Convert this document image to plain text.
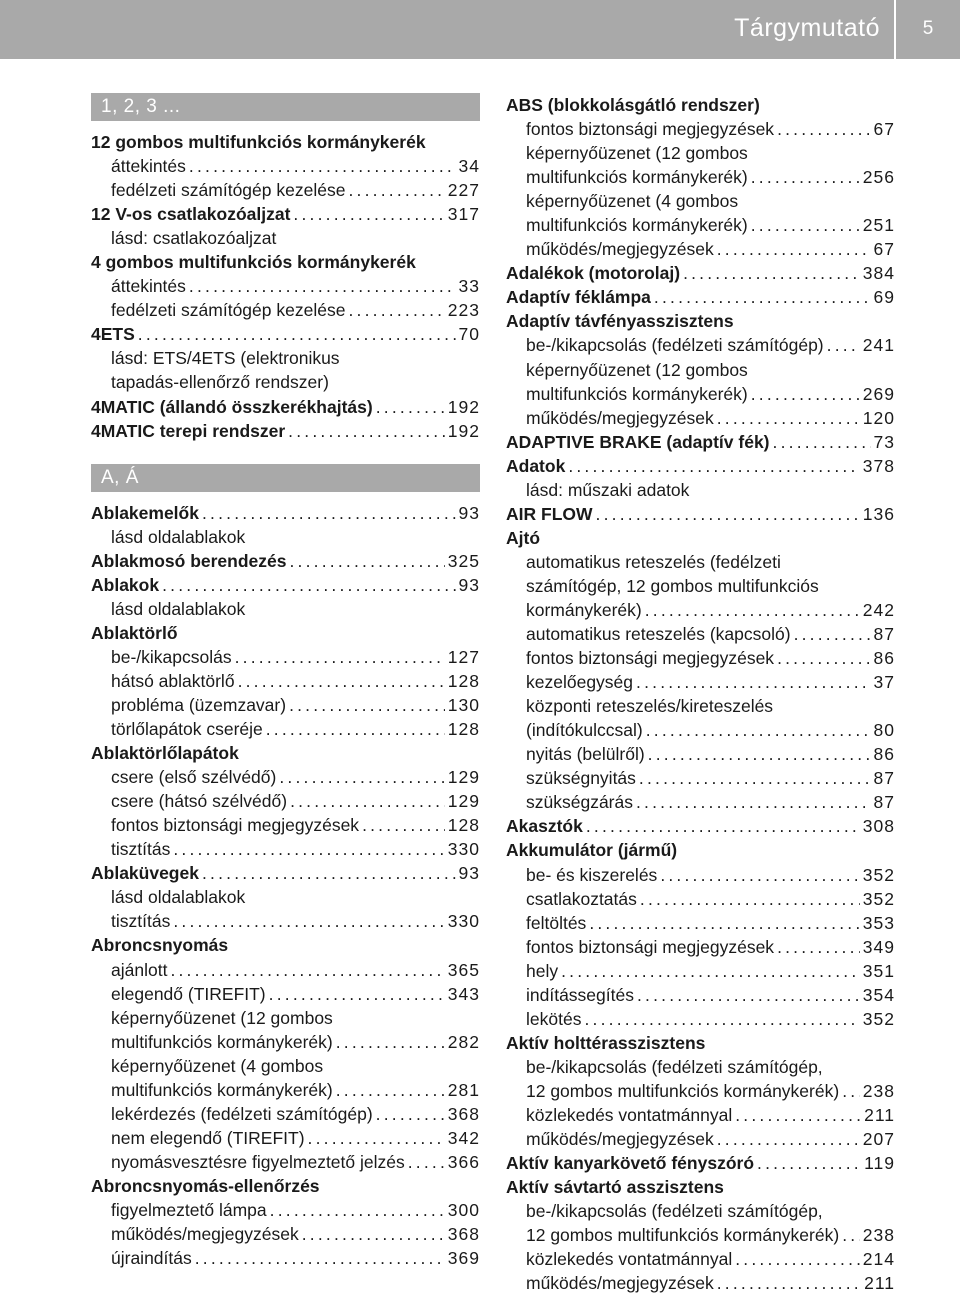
Tárgymutató	5
1, 2, 3 ...
12 gombos multifunkciós kormánykerék
áttekintés .....	34
fedélzeti számítógép kezelése .....	227
12 V-os csatlakozóaljzat .....	317
lásd: csatlakozóaljzat
4 gombos multifunkciós kormánykerék
áttekintés .....	33
fedélzeti számítógép kezelése .....	223
4ETS .....	70
lásd: ETS/4ETS (elektronikus
tapadás-ellenőrző rendszer)
4MATIC (állandó összkerékhajtás) .....	192
4MATIC terepi rendszer .....	192
A, Á
Ablakemelők .....	93
lásd oldalablakok
Ablakmosó berendezés .....	325
Ablakok .....	93
lásd oldalablakok
Ablaktörlő
be-/kikapcsolás .....	127
hátsó ablaktörlő .....	128
probléma (üzemzavar) .....	130
törlőlapátok cseréje .....	128
Ablaktörlőlapátok
csere (első szélvédő) .....	129
csere (hátsó szélvédő) .....	129
fontos biztonsági megjegyzések .....	128
tisztítás .....	330
Ablaküvegek .....	93
lásd oldalablakok
tisztítás .....	330
Abroncsnyomás
ajánlott .....	365
elegendő (TIREFIT) .....	343
képernyőüzenet (12 gombos
multifunkciós kormánykerék) .....	282
képernyőüzenet (4 gombos
multifunkciós kormánykerék) .....	281
lekérdezés (fedélzeti számítógép) .....	368
nem elegendő (TIREFIT) .....	342
nyomásvesztésre figyelmeztető jelzés ..... 366
Abroncsnyomás-ellenőrzés
figyelmeztető lámpa .....	300
működés/megjegyzések .....	368
újraindítás .....	369
ABS (blokkolásgátló rendszer)
fontos biztonsági megjegyzések .....	67
képernyőüzenet (12 gombos
multifunkciós kormánykerék) .....	256
képernyőüzenet (4 gombos
multifunkciós kormánykerék) .....	251
működés/megjegyzések .....	67
Adalékok (motorolaj) .....	384
Adaptív féklámpa .....	69
Adaptív távfényasszisztens
be-/kikapcsolás (fedélzeti számítógép) ..... 241
képernyőüzenet (12 gombos
multifunkciós kormánykerék) .....	269
működés/megjegyzések .....	120
ADAPTIVE BRAKE (adaptív fék) .....	73
Adatok .....	378
lásd: műszaki adatok
AIR FLOW .....	136
Ajtó
automatikus reteszelés (fedélzeti
számítógép, 12 gombos multifunkciós
kormánykerék) .....	242
automatikus reteszelés (kapcsoló) .....	87
fontos biztonsági megjegyzések .....	86
kezelőegység .....	37
központi reteszelés/kireteszelés
(indítókulccsal) .....	80
nyitás (belülről) .....	86
szükségnyitás .....	87
szükségzárás .....	87
Akasztók .....	308
Akkumulátor (jármű)
be- és kiszerelés .....	352
csatlakoztatás .....	352
feltöltés .....	353
fontos biztonsági megjegyzések .....	349
hely .....	351
indítássegítés .....	354
lekötés .....	352
Aktív holttérasszisztens
be-/kikapcsolás (fedélzeti számítógép,
12 gombos multifunkciós kormánykerék) ..... 238
közlekedés vontatmánnyal .....	211
működés/megjegyzések .....	207
Aktív kanyarkövető fényszóró .....	119
Aktív sávtartó asszisztens
be-/kikapcsolás (fedélzeti számítógép,
12 gombos multifunkciós kormánykerék) ..... 238
közlekedés vontatmánnyal .....	214
működés/megjegyzések .....	211
